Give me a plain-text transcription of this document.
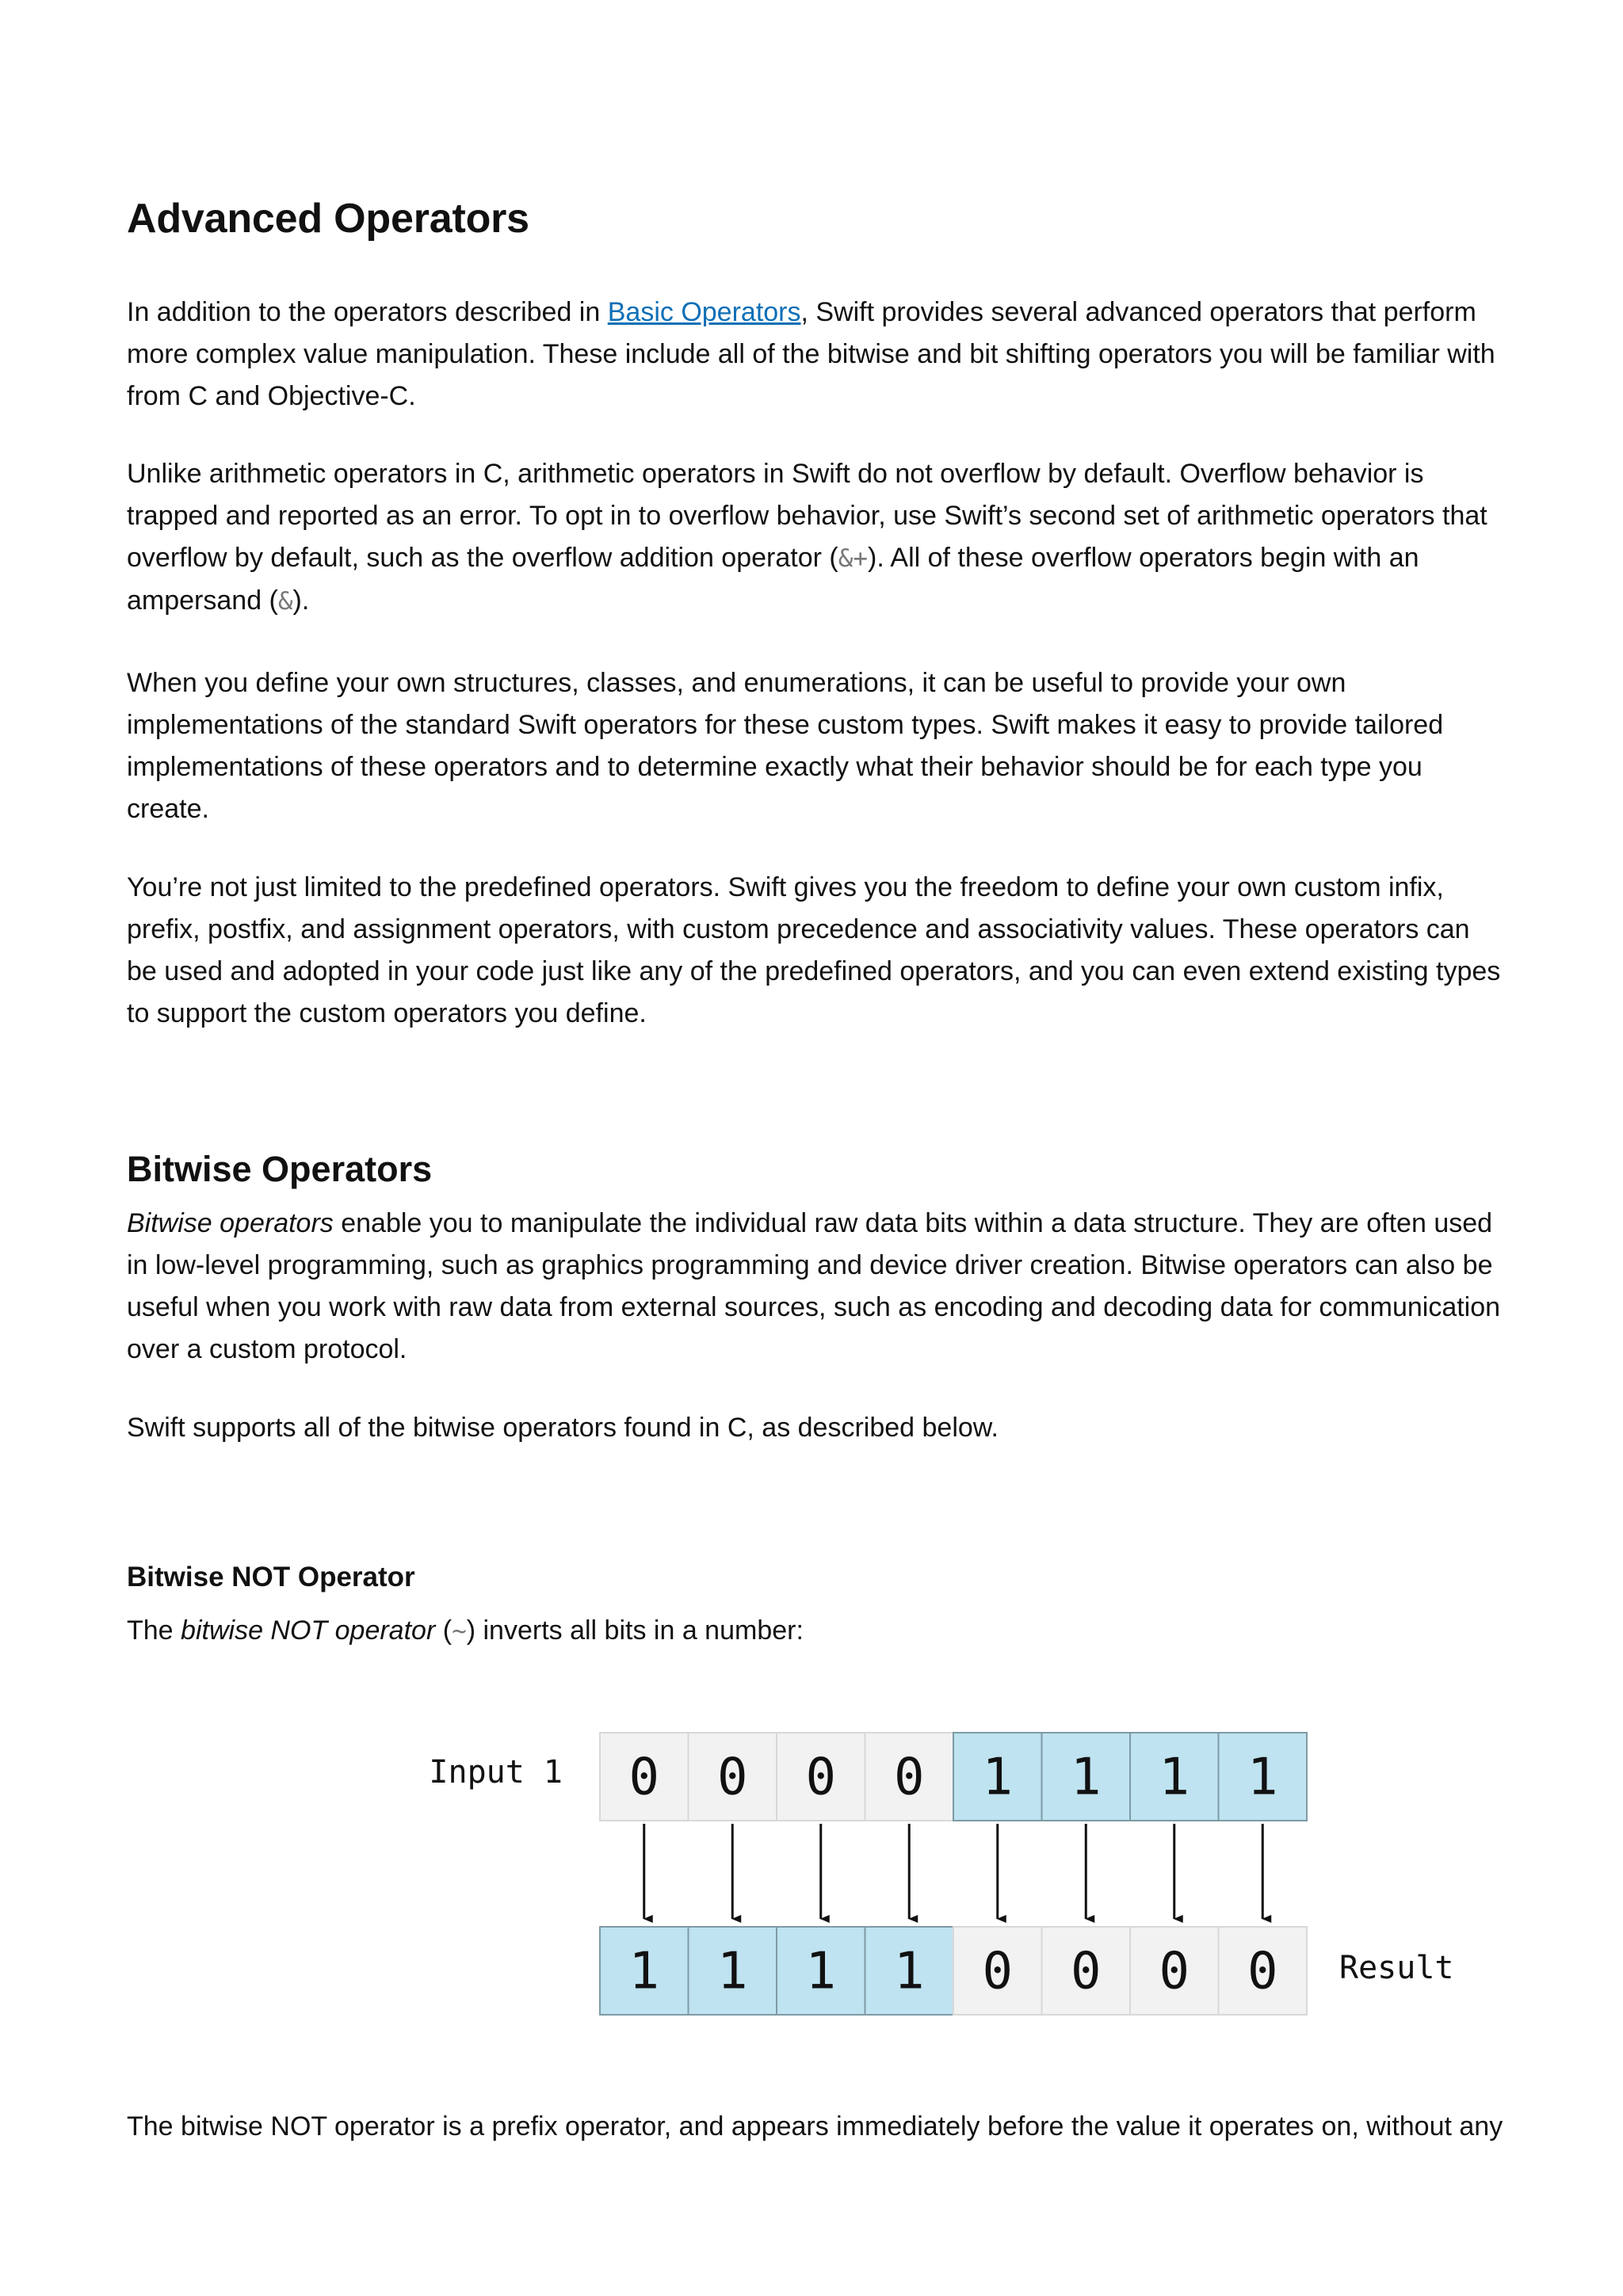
Advanced Operators

In addition to the operators described in Basic Operators, Swift provides several advanced operators that perform more complex value manipulation. These include all of the bitwise and bit shifting operators you will be familiar with from C and Objective-C.

Unlike arithmetic operators in C, arithmetic operators in Swift do not overflow by default. Overflow behavior is trapped and reported as an error. To opt in to overflow behavior, use Swift’s second set of arithmetic operators that overflow by default, such as the overflow addition operator (&+). All of these overflow operators begin with an ampersand (&).

When you define your own structures, classes, and enumerations, it can be useful to provide your own implementations of the standard Swift operators for these custom types. Swift makes it easy to provide tailored implementations of these operators and to determine exactly what their behavior should be for each type you create.

You’re not just limited to the predefined operators. Swift gives you the freedom to define your own custom infix, prefix, postfix, and assignment operators, with custom precedence and associativity values. These operators can be used and adopted in your code just like any of the predefined operators, and you can even extend existing types to support the custom operators you define.

Bitwise Operators

Bitwise operators enable you to manipulate the individual raw data bits within a data structure. They are often used in low-level programming, such as graphics programming and device driver creation. Bitwise operators can also be useful when you work with raw data from external sources, such as encoding and decoding data for communication over a custom protocol.

Swift supports all of the bitwise operators found in C, as described below.

Bitwise NOT Operator

The bitwise NOT operator (~) inverts all bits in a number:

The bitwise NOT operator is a prefix operator, and appears immediately before the value it operates on, without any

Input 1
Result
0 0 0 0 1 1 1 1
1 1 1 1 0 0 0 0
